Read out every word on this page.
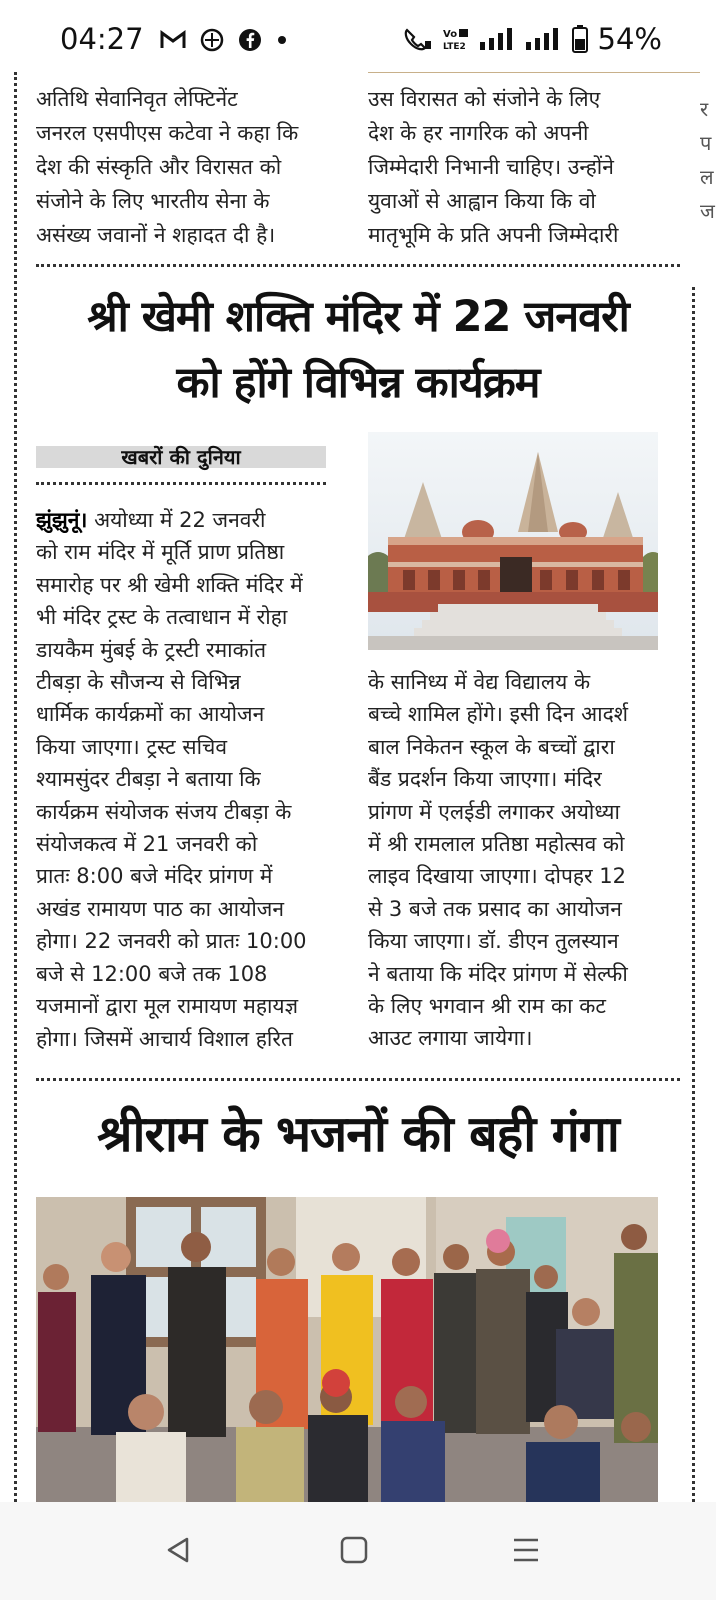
04:27	Vo
LTE2	54%
अतिथि सेवानिवृत लेफ्टिनेंट
जनरल एसपीएस कटेवा ने कहा कि
देश की संस्कृति और विरासत को
संजोने के लिए भारतीय सेना के
असंख्य जवानों ने शहादत दी है।
उस विरासत को संजोने के लिए
देश के हर नागरिक को अपनी
जिम्मेदारी निभानी चाहिए। उन्होंने
युवाओं से आह्वान किया कि वो
मातृभूमि के प्रति अपनी जिम्मेदारी
श्री खेमी शक्ति मंदिर में 22 जनवरी
को होंगे विभिन्न कार्यक्रम
खबरों की दुनिया
झुंझुनूं। अयोध्या में 22 जनवरी
को राम मंदिर में मूर्ति प्राण प्रतिष्ठा
समारोह पर श्री खेमी शक्ति मंदिर में
भी मंदिर ट्रस्ट के तत्वाधान में रोहा
डायकैम मुंबई के ट्रस्टी रमाकांत
टीबड़ा के सौजन्य से विभिन्न
धार्मिक कार्यक्रमों का आयोजन
किया जाएगा। ट्रस्ट सचिव
श्यामसुंदर टीबड़ा ने बताया कि
कार्यक्रम संयोजक संजय टीबड़ा के
संयोजकत्व में 21 जनवरी को
प्रातः 8:00 बजे मंदिर प्रांगण में
अखंड रामायण पाठ का आयोजन
होगा। 22 जनवरी को प्रातः 10:00
बजे से 12:00 बजे तक 108
यजमानों द्वारा मूल रामायण महायज्ञ
होगा। जिसमें आचार्य विशाल हरित
के सानिध्य में वेद्य विद्यालय के
बच्चे शामिल होंगे। इसी दिन आदर्श
बाल निकेतन स्कूल के बच्चों द्वारा
बैंड प्रदर्शन किया जाएगा। मंदिर
प्रांगण में एलईडी लगाकर अयोध्या
में श्री रामलाल प्रतिष्ठा महोत्सव को
लाइव दिखाया जाएगा। दोपहर 12
से 3 बजे तक प्रसाद का आयोजन
किया जाएगा। डॉ. डीएन तुलस्यान
ने बताया कि मंदिर प्रांगण में सेल्फी
के लिए भगवान श्री राम का कट
आउट लगाया जायेगा।
श्रीराम के भजनों की बही गंगा
र
प
ल
ज
